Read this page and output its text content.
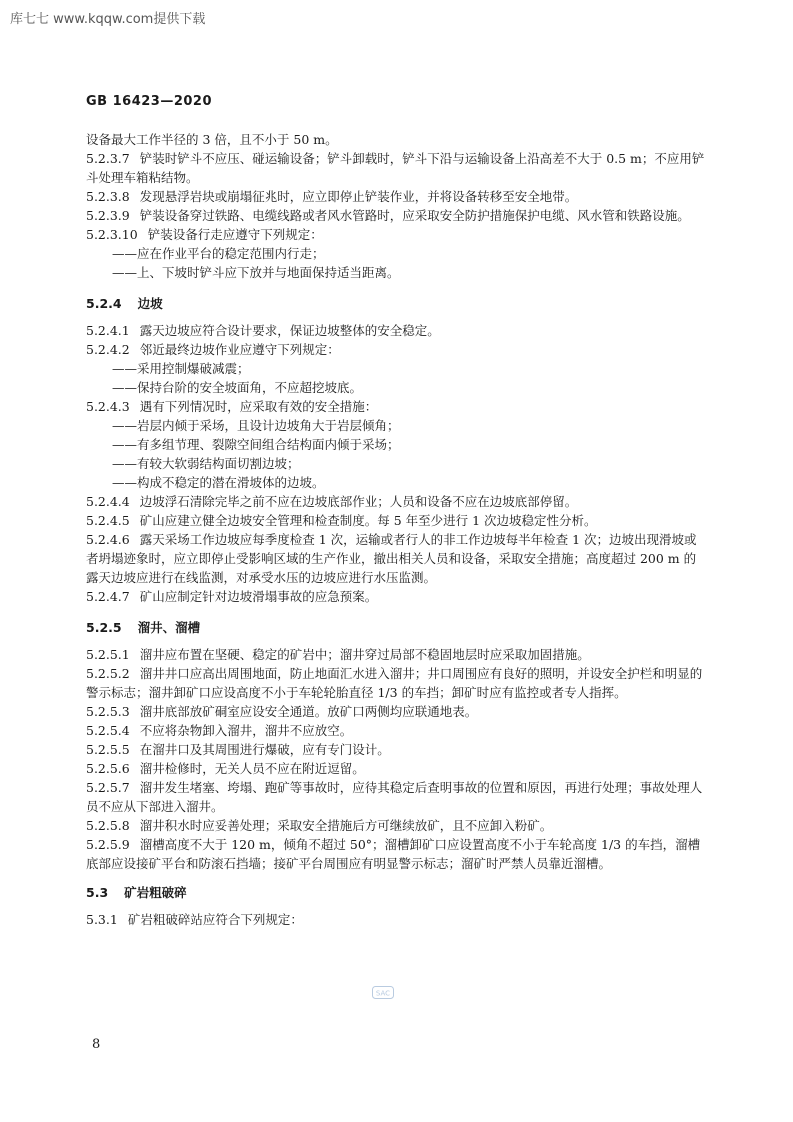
库七七 www.kqqw.com提供下载
GB 16423—2020
设备最大工作半径的 3 倍，且不小于 50 m。
5.2.3.7 铲装时铲斗不应压、碰运输设备；铲斗卸载时，铲斗下沿与运输设备上沿高差不大于 0.5 m；不应用铲斗处理车箱粘结物。
5.2.3.8 发现悬浮岩块或崩塌征兆时，应立即停止铲装作业，并将设备转移至安全地带。
5.2.3.9 铲装设备穿过铁路、电缆线路或者风水管路时，应采取安全防护措施保护电缆、风水管和铁路设施。
5.2.3.10 铲装设备行走应遵守下列规定：
——应在作业平台的稳定范围内行走；
——上、下坡时铲斗应下放并与地面保持适当距离。
5.2.4 边坡
5.2.4.1 露天边坡应符合设计要求，保证边坡整体的安全稳定。
5.2.4.2 邻近最终边坡作业应遵守下列规定：
——采用控制爆破减震；
——保持台阶的安全坡面角，不应超挖坡底。
5.2.4.3 遇有下列情况时，应采取有效的安全措施：
——岩层内倾于采场，且设计边坡角大于岩层倾角；
——有多组节理、裂隙空间组合结构面内倾于采场；
——有较大软弱结构面切割边坡；
——构成不稳定的潜在滑坡体的边坡。
5.2.4.4 边坡浮石清除完毕之前不应在边坡底部作业；人员和设备不应在边坡底部停留。
5.2.4.5 矿山应建立健全边坡安全管理和检查制度。每 5 年至少进行 1 次边坡稳定性分析。
5.2.4.6 露天采场工作边坡应每季度检查 1 次，运输或者行人的非工作边坡每半年检查 1 次；边坡出现滑坡或者坍塌迹象时，应立即停止受影响区域的生产作业，撤出相关人员和设备，采取安全措施；高度超过 200 m 的露天边坡应进行在线监测，对承受水压的边坡应进行水压监测。
5.2.4.7 矿山应制定针对边坡滑塌事故的应急预案。
5.2.5 溜井、溜槽
5.2.5.1 溜井应布置在坚硬、稳定的矿岩中；溜井穿过局部不稳固地层时应采取加固措施。
5.2.5.2 溜井井口应高出周围地面，防止地面汇水进入溜井；井口周围应有良好的照明，并设安全护栏和明显的警示标志；溜井卸矿口应设高度不小于车轮轮胎直径 1/3 的车挡；卸矿时应有监控或者专人指挥。
5.2.5.3 溜井底部放矿硐室应设安全通道。放矿口两侧均应联通地表。
5.2.5.4 不应将杂物卸入溜井，溜井不应放空。
5.2.5.5 在溜井口及其周围进行爆破，应有专门设计。
5.2.5.6 溜井检修时，无关人员不应在附近逗留。
5.2.5.7 溜井发生堵塞、垮塌、跑矿等事故时，应待其稳定后查明事故的位置和原因，再进行处理；事故处理人员不应从下部进入溜井。
5.2.5.8 溜井积水时应妥善处理；采取安全措施后方可继续放矿，且不应卸入粉矿。
5.2.5.9 溜槽高度不大于 120 m，倾角不超过 50°；溜槽卸矿口应设置高度不小于车轮高度 1/3 的车挡，溜槽底部应设接矿平台和防滚石挡墙；接矿平台周围应有明显警示标志；溜矿时严禁人员靠近溜槽。
5.3 矿岩粗破碎
5.3.1 矿岩粗破碎站应符合下列规定：
SAC
8
